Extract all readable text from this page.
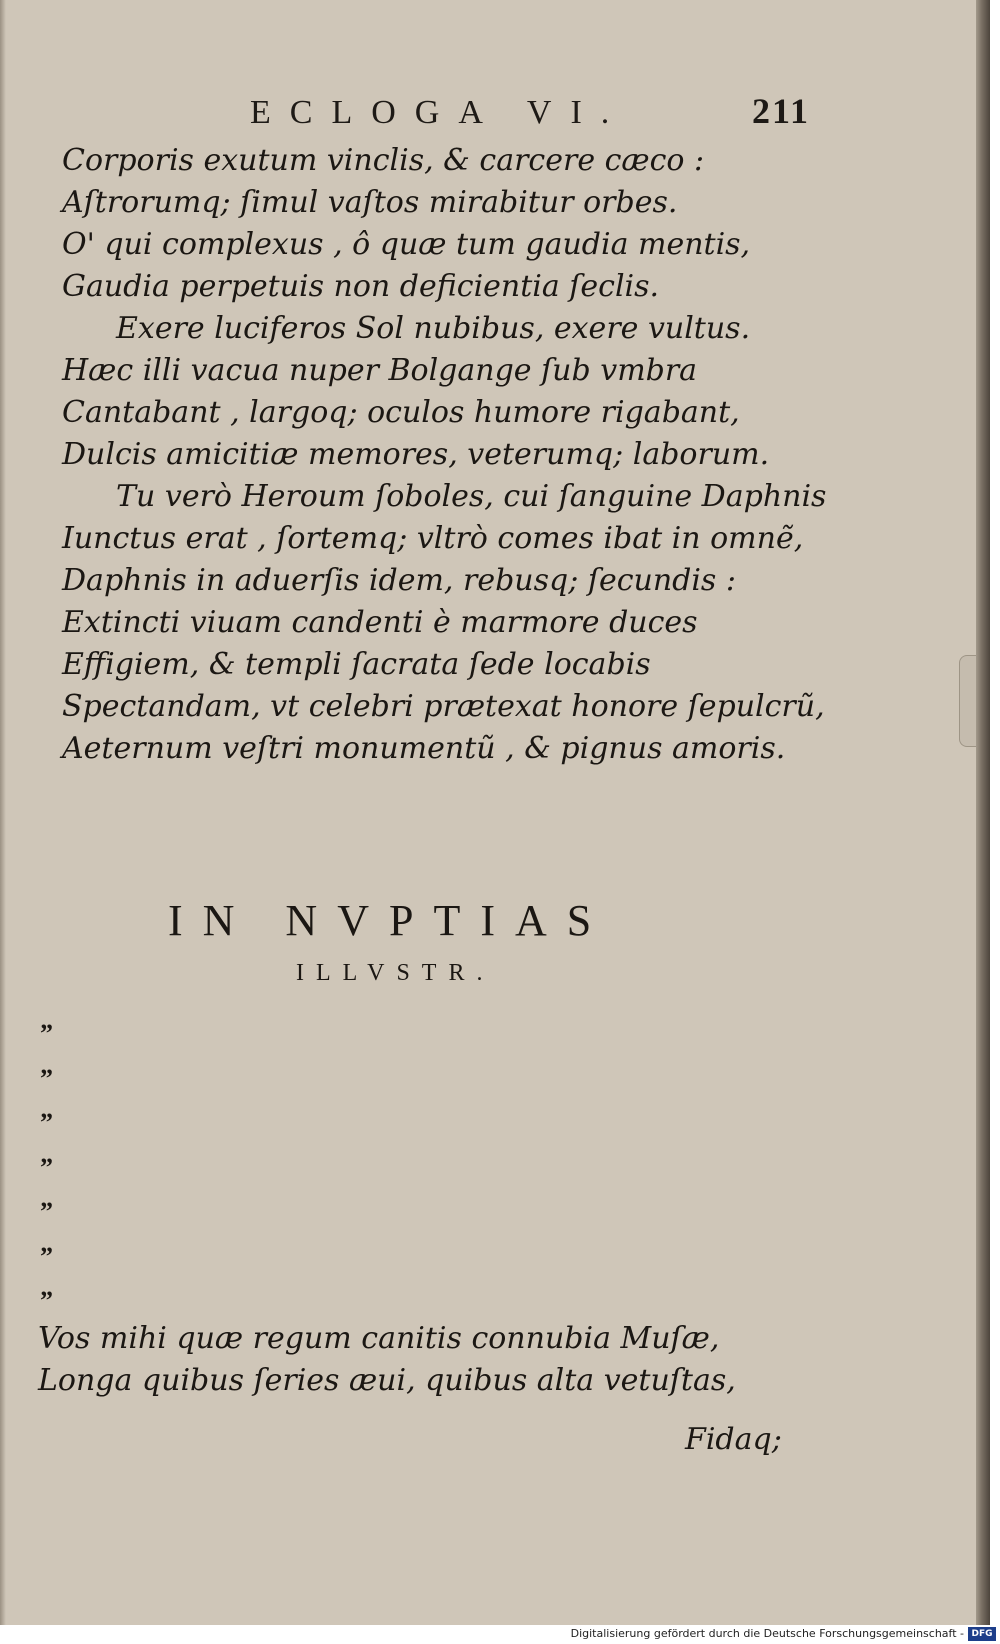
ECLOGA VI.	211
Corporis exutum vinclis, & carcere cæco :
Aſtrorumq; ſimul vaſtos mirabitur orbes.
O' qui complexus , ô quæ tum gaudia mentis,
Gaudia perpetuis non deficientia ſeclis.
Exere luciferos Sol nubibus, exere vultus.
Hæc illi vacua nuper Bolgange ſub vmbra
Cantabant , largoq; oculos humore rigabant,
Dulcis amicitiæ memores, veterumq; laborum.
Tu verò Heroum ſoboles, cui ſanguine Daphnis
Iunctus erat , ſortemq; vltrò comes ibat in omnẽ,
Daphnis in aduerſis idem, rebusq; ſecundis :
Extincti viuam candenti è marmore duces
Effigiem, & templi ſacrata ſede locabis
Spectandam, vt celebri prætexat honore ſepulcrũ,
Aeternum veſtri monumentũ , & pignus amoris.
IN NVPTIAS
ILLVSTR.
”
”
”
”
”
”
”
Vos mihi quæ regum canitis connubia Muſæ,
Longa quibus ſeries æui, quibus alta vetuſtas,
Fidaq;
Digitalisierung gefördert durch die Deutsche Forschungsgemeinschaft - DFG
